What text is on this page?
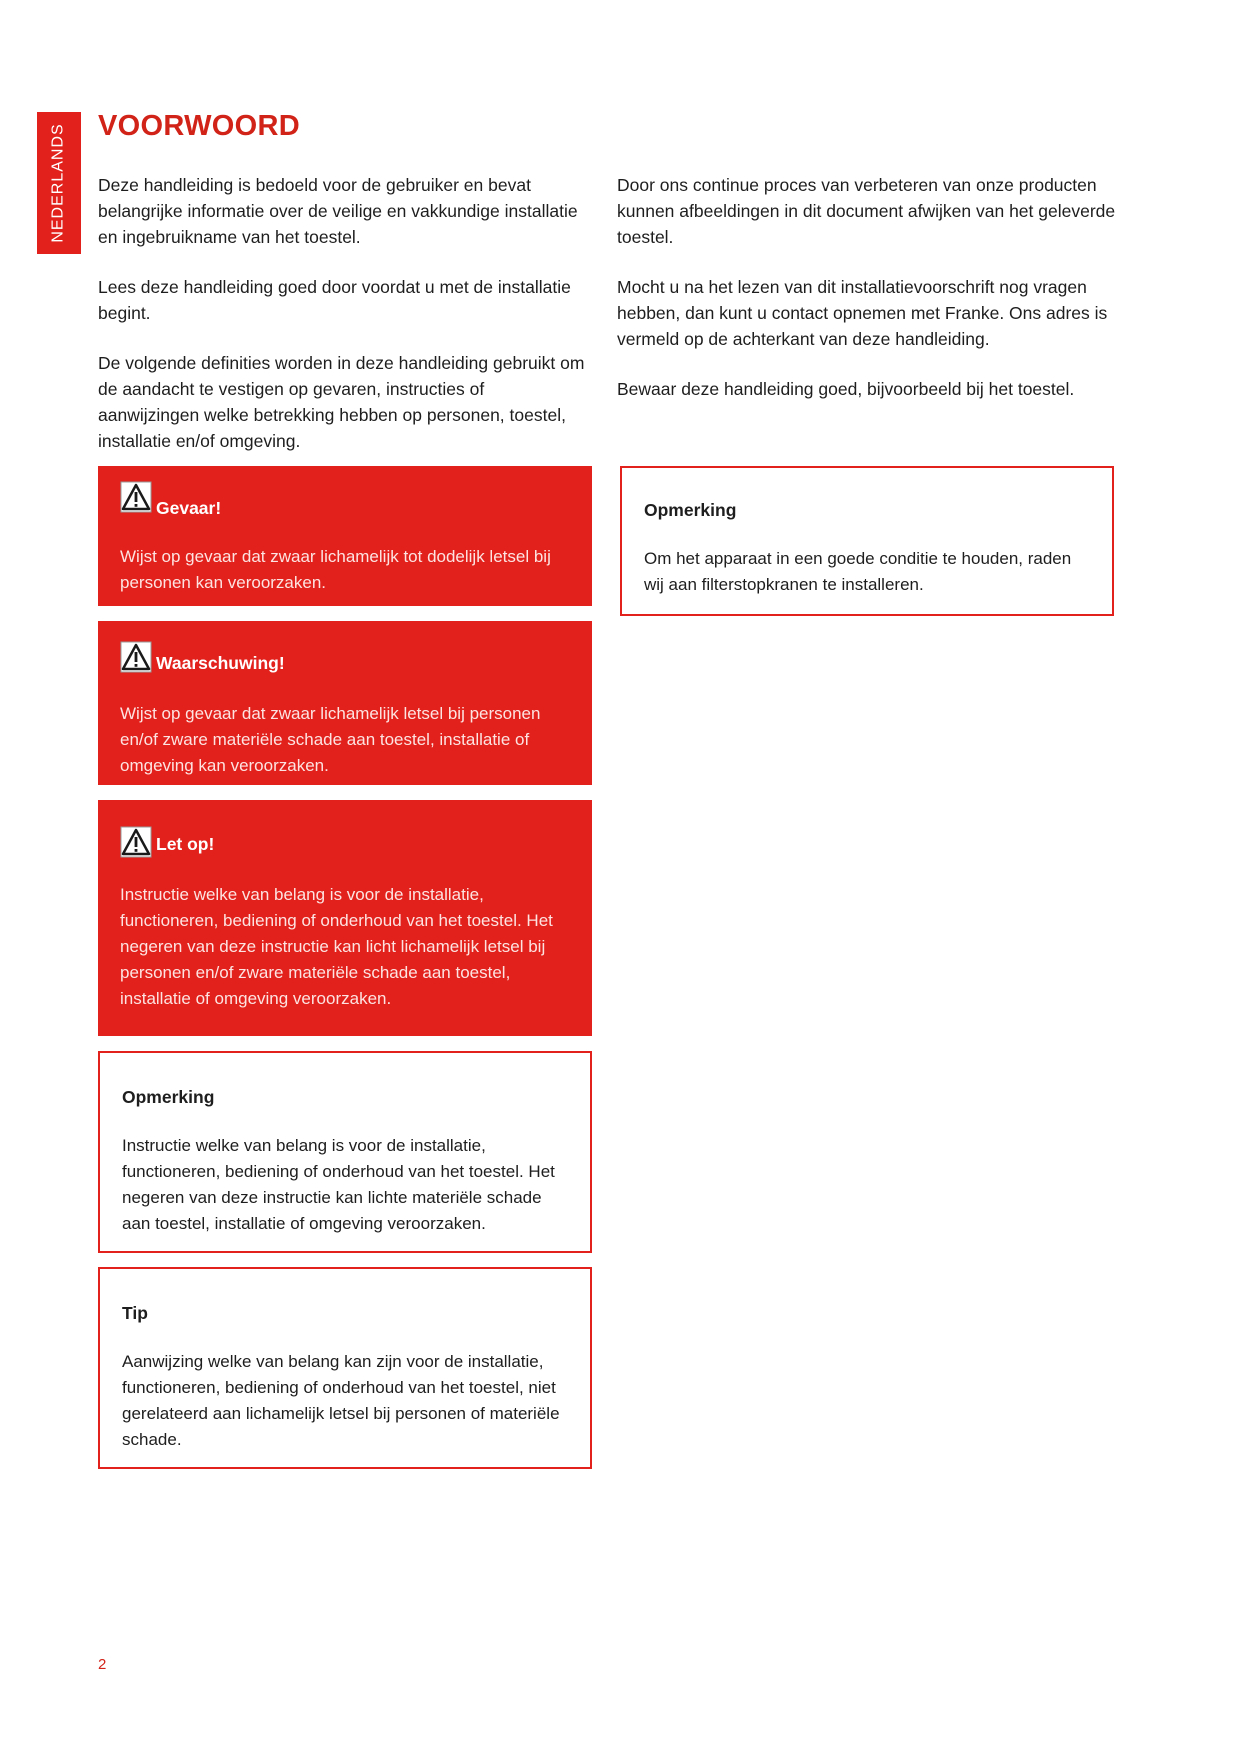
NEDERLANDS VOORWOORD

Deze handleiding is bedoeld voor de gebruiker en bevat belangrijke informatie over de veilige en vakkundige installatie en ingebruikname van het toestel.

Lees deze handleiding goed door voordat u met de installatie begint.

De volgende definities worden in deze handleiding gebruikt om de aandacht te vestigen op gevaren, instructies of aanwijzingen welke betrekking hebben op personen, toestel, installatie en/of omgeving.

Door ons continue proces van verbeteren van onze producten kunnen afbeeldingen in dit document afwijken van het geleverde toestel.

Mocht u na het lezen van dit installatievoorschrift nog vragen hebben, dan kunt u contact opnemen met Franke. Ons adres is vermeld op de achterkant van deze handleiding.

Bewaar deze handleiding goed, bijvoorbeeld bij het toestel.

Gevaar!

Wijst op gevaar dat zwaar lichamelijk tot dodelijk letsel bij personen kan veroorzaken.

Waarschuwing!

Wijst op gevaar dat zwaar lichamelijk letsel bij personen en/of zware materiële schade aan toestel, installatie of omgeving kan veroorzaken.

Let op!

Instructie welke van belang is voor de installatie, functioneren, bediening of onderhoud van het toestel. Het negeren van deze instructie kan licht lichamelijk letsel bij personen en/of zware materiële schade aan toestel, installatie of omgeving veroorzaken.

Opmerking

Instructie welke van belang is voor de installatie, functioneren, bediening of onderhoud van het toestel. Het negeren van deze instructie kan lichte materiële schade aan toestel, installatie of omgeving veroorzaken.

Tip

Aanwijzing welke van belang kan zijn voor de installatie, functioneren, bediening of onderhoud van het toestel, niet gerelateerd aan lichamelijk letsel bij personen of materiële schade.

Opmerking

Om het apparaat in een goede conditie te houden, raden wij aan filterstopkranen te installeren.

2
